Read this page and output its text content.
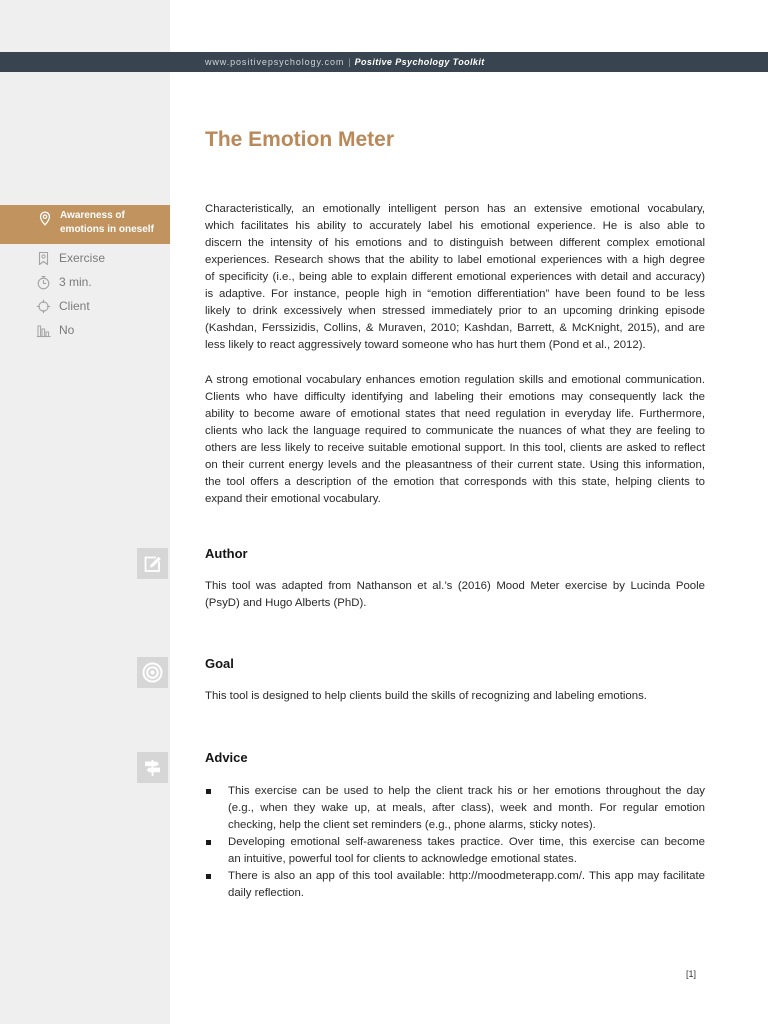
www.positivepsychology.com | Positive Psychology Toolkit
The Emotion Meter
Awareness of
emotions in oneself
Exercise
3 min.
Client
No
Characteristically, an emotionally intelligent person has an extensive emotional vocabulary,
which facilitates his ability to accurately label his emotional experience. He is also able to
discern the intensity of his emotions and to distinguish between different complex emotional
experiences. Research shows that the ability to label emotional experiences with a high degree
of specificity (i.e., being able to explain different emotional experiences with detail and accuracy)
is adaptive. For instance, people high in “emotion differentiation” have been found to be less
likely to drink excessively when stressed immediately prior to an upcoming drinking episode
(Kashdan, Ferssizidis, Collins, & Muraven, 2010; Kashdan, Barrett, & McKnight, 2015), and are
less likely to react aggressively toward someone who has hurt them (Pond et al., 2012).
A strong emotional vocabulary enhances emotion regulation skills and emotional communication.
Clients who have difficulty identifying and labeling their emotions may consequently lack the
ability to become aware of emotional states that need regulation in everyday life. Furthermore,
clients who lack the language required to communicate the nuances of what they are feeling to
others are less likely to receive suitable emotional support. In this tool, clients are asked to reflect
on their current energy levels and the pleasantness of their current state. Using this information,
the tool offers a description of the emotion that corresponds with this state, helping clients to
expand their emotional vocabulary.
Author
This tool was adapted from Nathanson et al.’s (2016) Mood Meter exercise by Lucinda Poole
(PsyD) and Hugo Alberts (PhD).
Goal
This tool is designed to help clients build the skills of recognizing and labeling emotions.
Advice
This exercise can be used to help the client track his or her emotions throughout the day
(e.g., when they wake up, at meals, after class), week and month. For regular emotion
checking, help the client set reminders (e.g., phone alarms, sticky notes).
Developing emotional self-awareness takes practice. Over time, this exercise can become
an intuitive, powerful tool for clients to acknowledge emotional states.
There is also an app of this tool available: http://moodmeterapp.com/. This app may facilitate
daily reflection.
[1]
